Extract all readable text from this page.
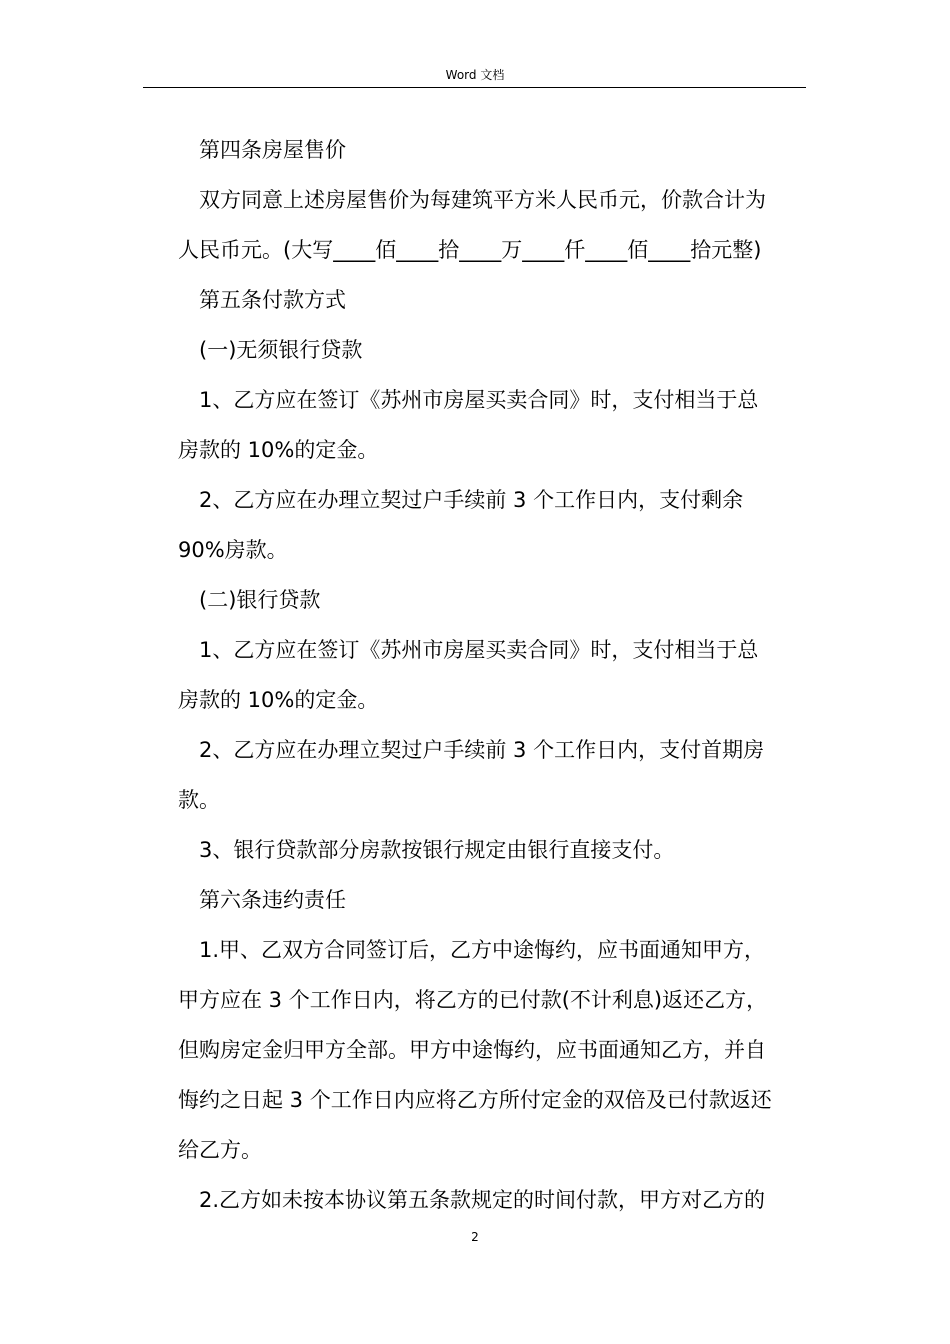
Word 文档

第四条房屋售价

双方同意上述房屋售价为每建筑平方米人民币元，价款合计为

人民币元。(大写____佰____拾____万____仟____佰____拾元整)

第五条付款方式

(一)无须银行贷款

1、乙方应在签订《苏州市房屋买卖合同》时，支付相当于总

房款的 10%的定金。

2、乙方应在办理立契过户手续前 3 个工作日内，支付剩余

90%房款。

(二)银行贷款

1、乙方应在签订《苏州市房屋买卖合同》时，支付相当于总

房款的 10%的定金。

2、乙方应在办理立契过户手续前 3 个工作日内，支付首期房

款。

3、银行贷款部分房款按银行规定由银行直接支付。

第六条违约责任

1.甲、乙双方合同签订后，乙方中途悔约，应书面通知甲方，

甲方应在 3 个工作日内，将乙方的已付款(不计利息)返还乙方，

但购房定金归甲方全部。甲方中途悔约，应书面通知乙方，并自

悔约之日起 3 个工作日内应将乙方所付定金的双倍及已付款返还

给乙方。

2.乙方如未按本协议第五条款规定的时间付款，甲方对乙方的

2
